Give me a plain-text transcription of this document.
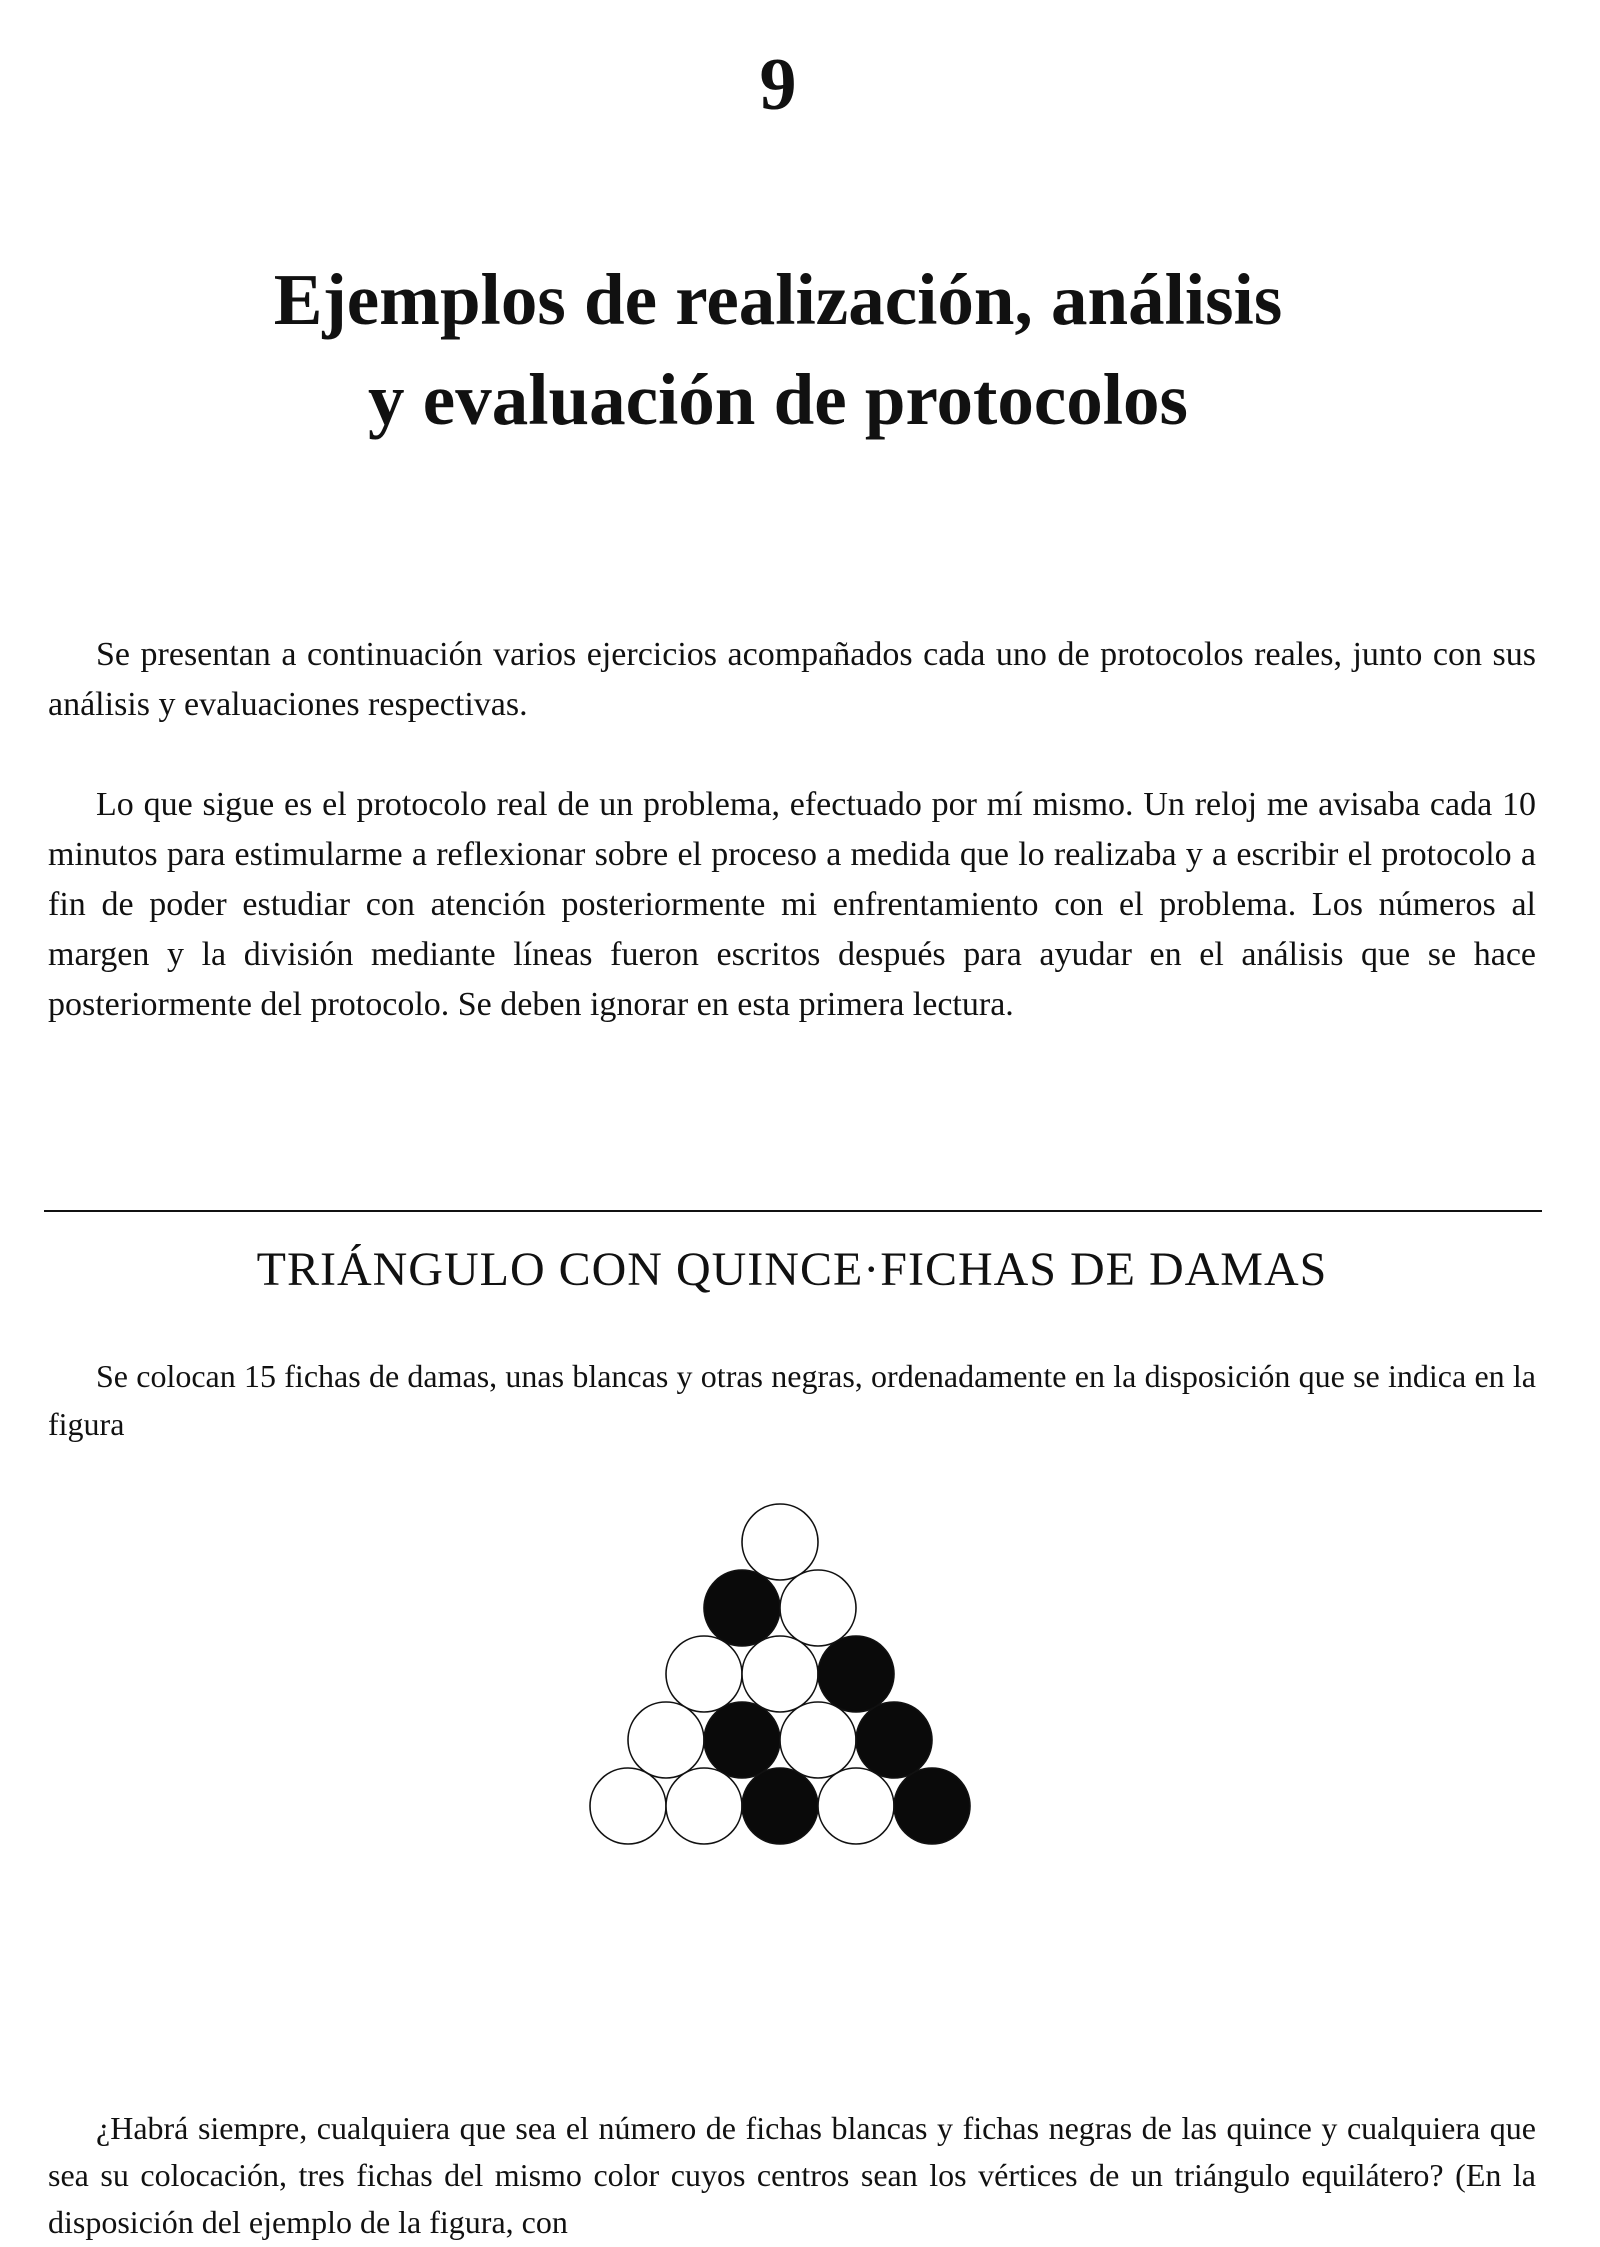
9
Ejemplos de realización, análisis
y evaluación de protocolos

Se presentan a continuación varios ejercicios acompañados cada uno de protocolos reales, junto con sus análisis y evaluaciones respectivas.

Lo que sigue es el protocolo real de un problema, efectuado por mí mismo. Un reloj me avisaba cada 10 minutos para estimularme a reflexionar sobre el proceso a medida que lo realizaba y a escribir el protocolo a fin de poder estudiar con atención posteriormente mi enfrentamiento con el problema. Los números al margen y la división mediante líneas fueron escritos después para ayudar en el análisis que se hace posteriormente del protocolo. Se deben ignorar en esta primera lectura.

TRIÁNGULO CON QUINCE·FICHAS DE DAMAS

Se colocan 15 fichas de damas, unas blancas y otras negras, ordenadamente en la disposición que se indica en la figura

¿Habrá siempre, cualquiera que sea el número de fichas blancas y fichas negras de las quince y cualquiera que sea su colocación, tres fichas del mismo color cuyos centros sean los vértices de un triángulo equilátero? (En la disposición del ejemplo de la figura, con
